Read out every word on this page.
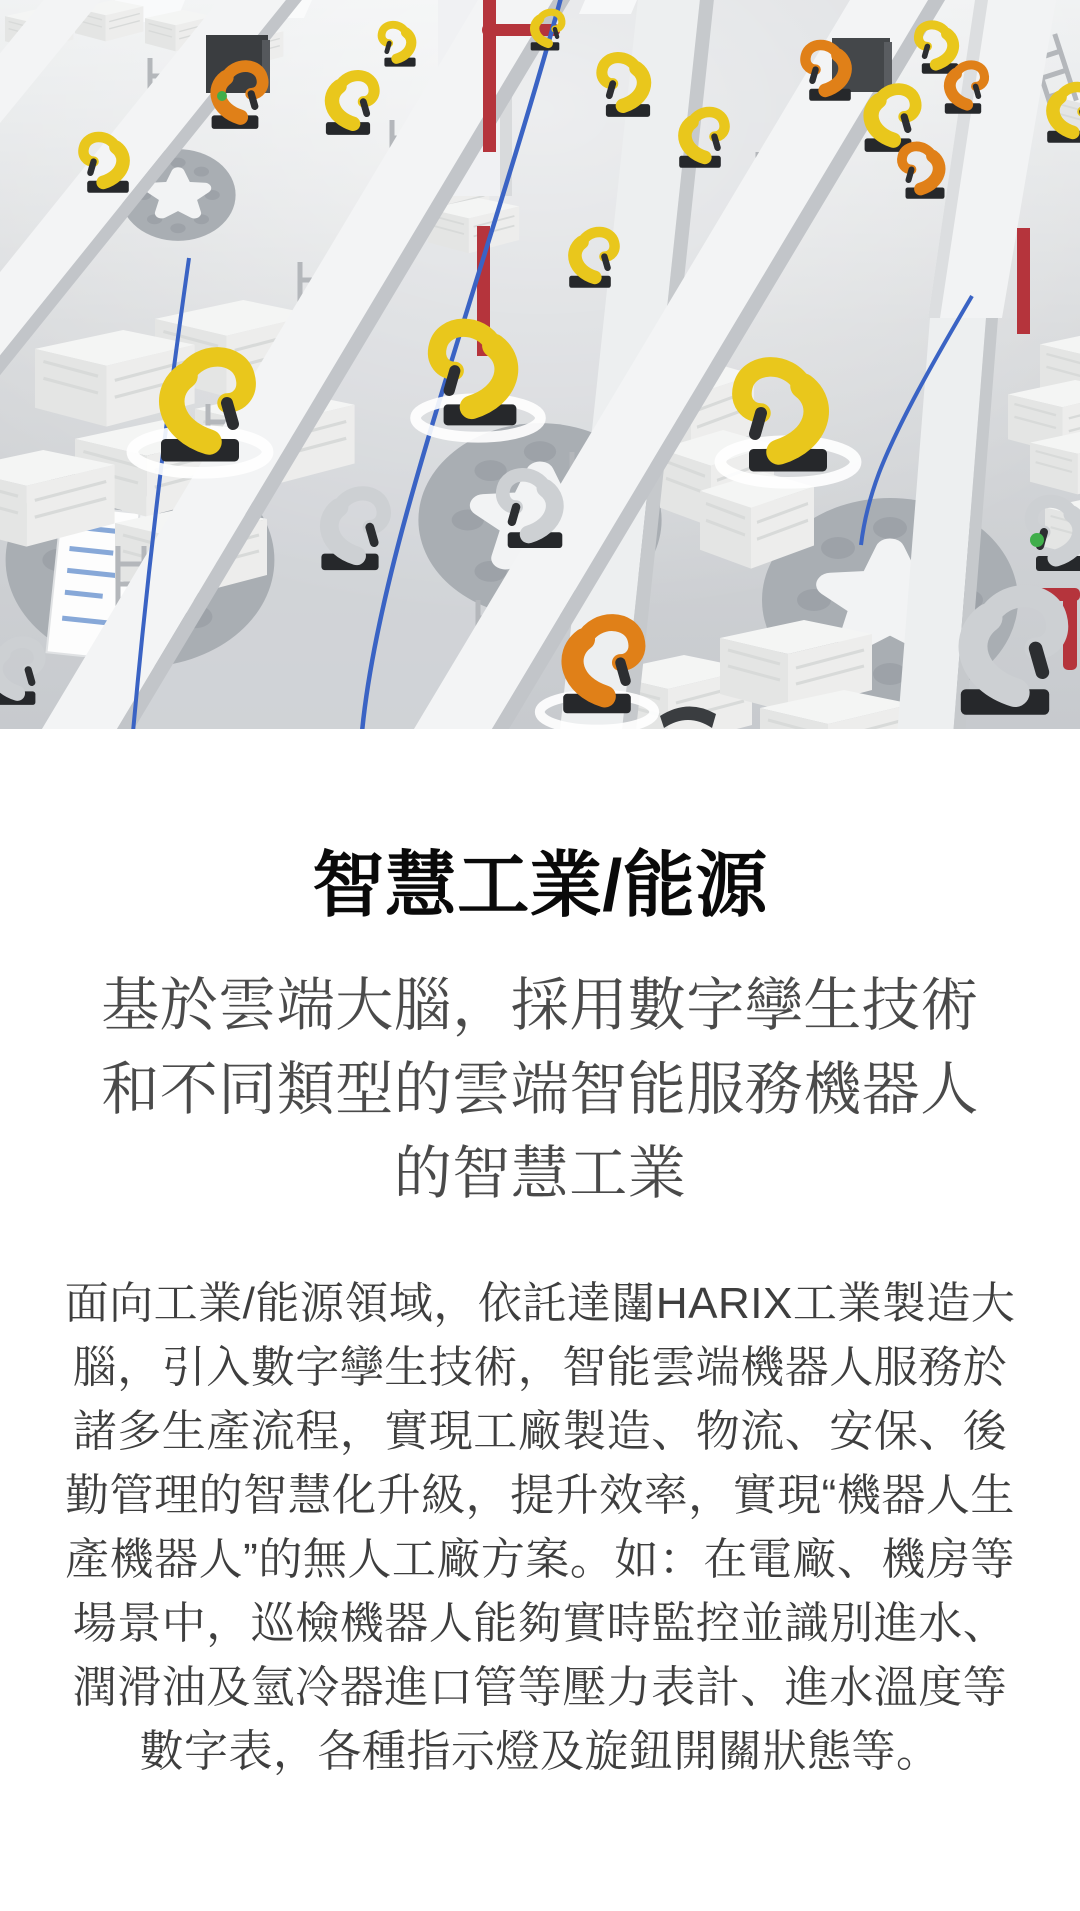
智慧工業/能源
基於雲端大腦，採用數字孿生技術和不同類型的雲端智能服務機器人的智慧工業

面向工業/能源領域，依託達闥HARIX工業製造大腦，引入數字孿生技術，智能雲端機器人服務於諸多生產流程，實現工廠製造、物流、安保、後勤管理的智慧化升級，提升效率，實現“機器人生產機器人”的無人工廠方案。如：在電廠、機房等場景中，巡檢機器人能夠實時監控並識別進水、潤滑油及氫冷器進口管等壓力表計、進水溫度等數字表，各種指示燈及旋鈕開關狀態等。
